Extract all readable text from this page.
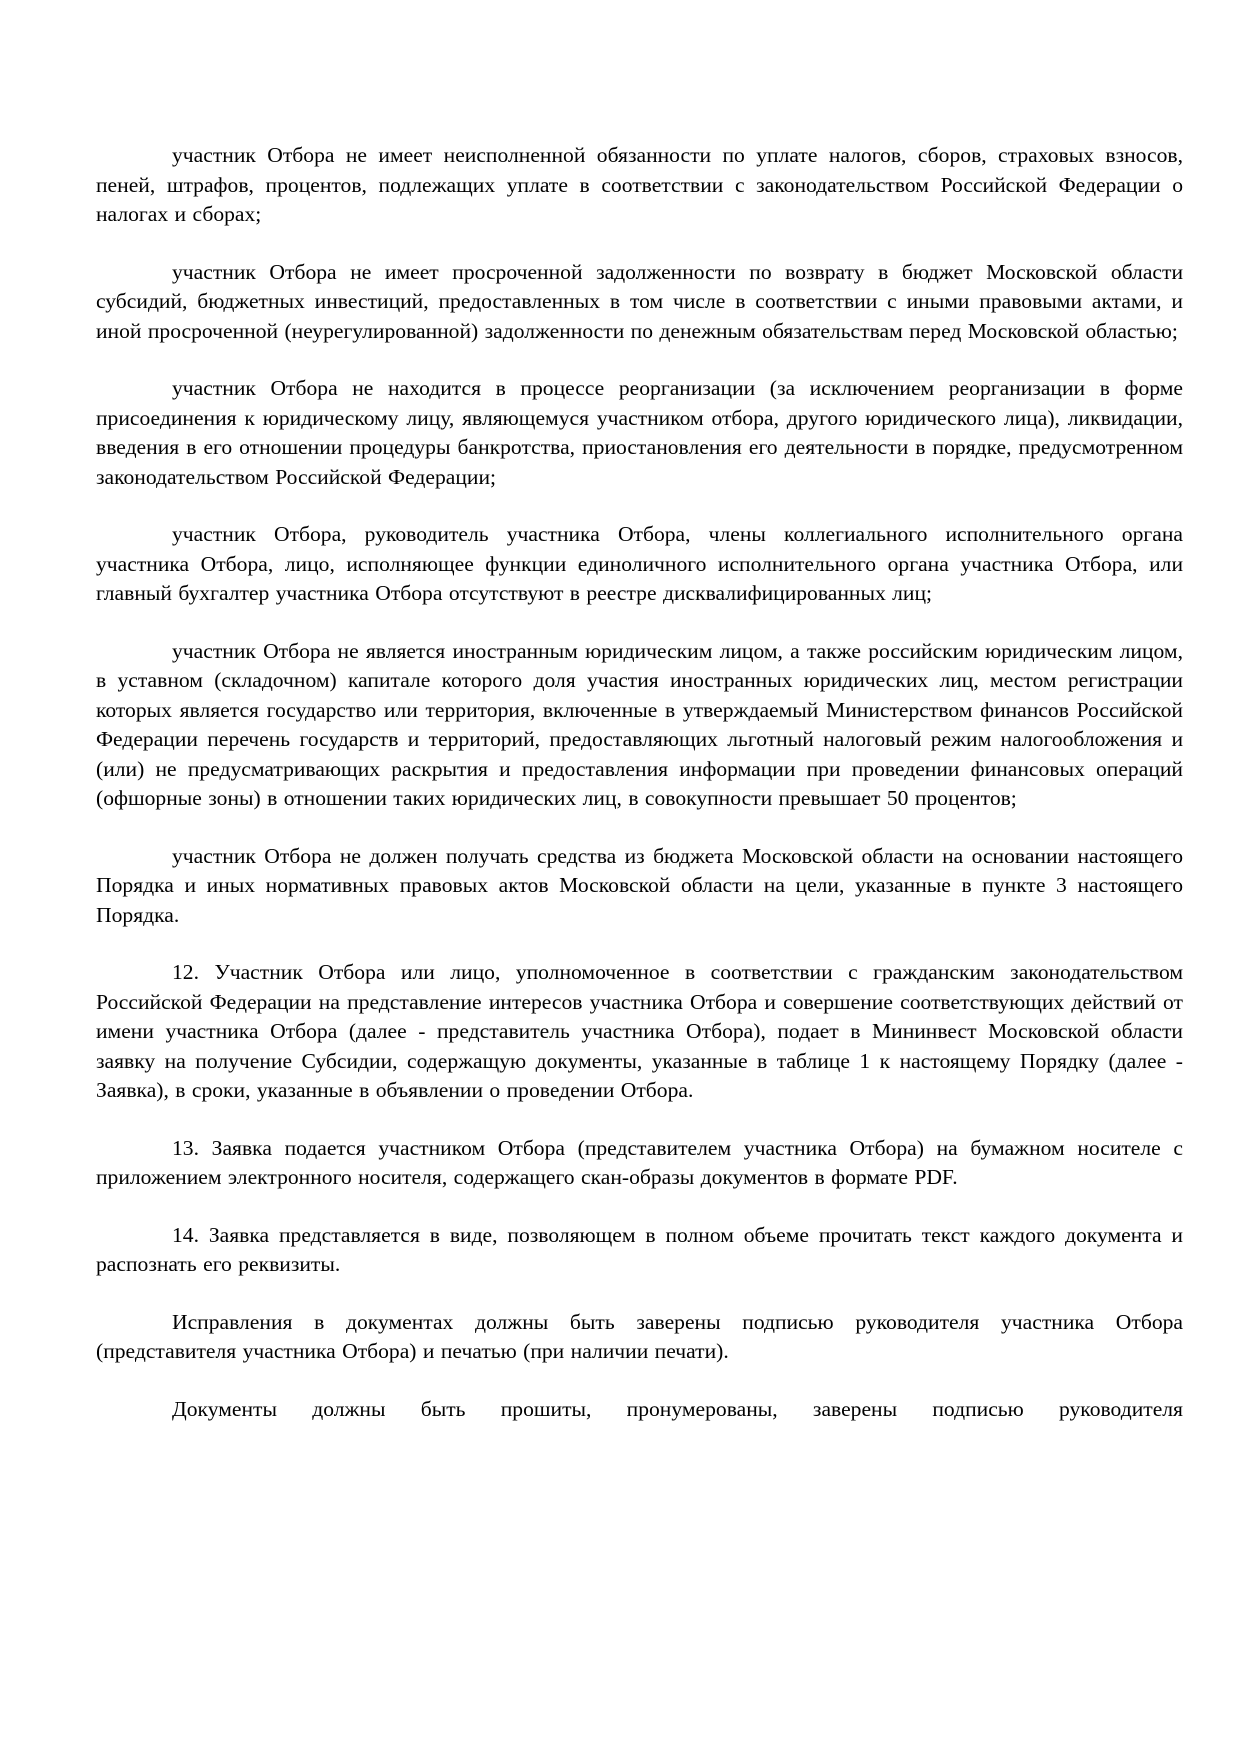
участник Отбора не имеет неисполненной обязанности по уплате налогов, сборов, страховых взносов, пеней, штрафов, процентов, подлежащих уплате в соответствии с законодательством Российской Федерации о налогах и сборах;

участник Отбора не имеет просроченной задолженности по возврату в бюджет Московской области субсидий, бюджетных инвестиций, предоставленных в том числе в соответствии с иными правовыми актами, и иной просроченной (неурегулированной) задолженности по денежным обязательствам перед Московской областью;

участник Отбора не находится в процессе реорганизации (за исключением реорганизации в форме присоединения к юридическому лицу, являющемуся участником отбора, другого юридического лица), ликвидации, введения в его отношении процедуры банкротства, приостановления его деятельности в порядке, предусмотренном законодательством Российской Федерации;

участник Отбора, руководитель участника Отбора, члены коллегиального исполнительного органа участника Отбора, лицо, исполняющее функции единоличного исполнительного органа участника Отбора, или главный бухгалтер участника Отбора отсутствуют в реестре дисквалифицированных лиц;

участник Отбора не является иностранным юридическим лицом, а также российским юридическим лицом, в уставном (складочном) капитале которого доля участия иностранных юридических лиц, местом регистрации которых является государство или территория, включенные в утверждаемый Министерством финансов Российской Федерации перечень государств и территорий, предоставляющих льготный налоговый режим налогообложения и (или) не предусматривающих раскрытия и предоставления информации при проведении финансовых операций (офшорные зоны) в отношении таких юридических лиц, в совокупности превышает 50 процентов;

участник Отбора не должен получать средства из бюджета Московской области на основании настоящего Порядка и иных нормативных правовых актов Московской области на цели, указанные в пункте 3 настоящего Порядка.

12. Участник Отбора или лицо, уполномоченное в соответствии с гражданским законодательством Российской Федерации на представление интересов участника Отбора и совершение соответствующих действий от имени участника Отбора (далее - представитель участника Отбора), подает в Мининвест Московской области заявку на получение Субсидии, содержащую документы, указанные в таблице 1 к настоящему Порядку (далее - Заявка), в сроки, указанные в объявлении о проведении Отбора.

13. Заявка подается участником Отбора (представителем участника Отбора) на бумажном носителе с приложением электронного носителя, содержащего скан-образы документов в формате PDF.

14. Заявка представляется в виде, позволяющем в полном объеме прочитать текст каждого документа и распознать его реквизиты.

Исправления в документах должны быть заверены подписью руководителя участника Отбора (представителя участника Отбора) и печатью (при наличии печати).

Документы должны быть прошиты, пронумерованы, заверены подписью руководителя
